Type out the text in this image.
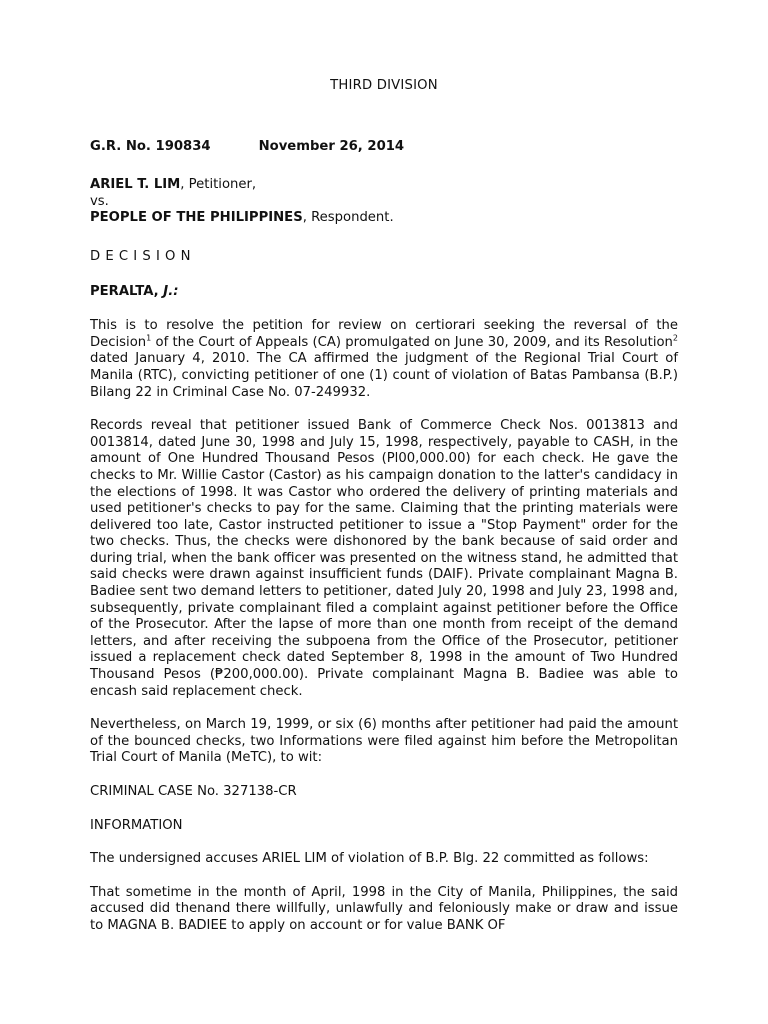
THIRD DIVISION
G.R. No. 190834	November 26, 2014
ARIEL T. LIM, Petitioner,
vs.
PEOPLE OF THE PHILIPPINES, Respondent.
DECISION
PERALTA, J.:

This is to resolve the petition for review on certiorari seeking the reversal of the Decision$^1$ of the Court of Appeals (CA) promulgated on June 30, 2009, and its Resolution$^2$ dated January 4, 2010. The CA affirmed the judgment of the Regional Trial Court of Manila (RTC), convicting petitioner of one (1) count of violation of Batas Pambansa (B.P.) Bilang 22 in Criminal Case No. 07-249932.

Records reveal that petitioner issued Bank of Commerce Check Nos. 0013813 and 0013814, dated June 30, 1998 and July 15, 1998, respectively, payable to CASH, in the amount of One Hundred Thousand Pesos (Pl00,000.00) for each check. He gave the checks to Mr. Willie Castor (Castor) as his campaign donation to the latter's candidacy in the elections of 1998. It was Castor who ordered the delivery of printing materials and used petitioner's checks to pay for the same. Claiming that the printing materials were delivered too late, Castor instructed petitioner to issue a "Stop Payment" order for the two checks. Thus, the checks were dishonored by the bank because of said order and during trial, when the bank officer was presented on the witness stand, he admitted that said checks were drawn against insufficient funds (DAIF). Private complainant Magna B. Badiee sent two demand letters to petitioner, dated July 20, 1998 and July 23, 1998 and, subsequently, private complainant filed a complaint against petitioner before the Office of the Prosecutor. After the lapse of more than one month from receipt of the demand letters, and after receiving the subpoena from the Office of the Prosecutor, petitioner issued a replacement check dated September 8, 1998 in the amount of Two Hundred Thousand Pesos (₱200,000.00). Private complainant Magna B. Badiee was able to encash said replacement check.

Nevertheless, on March 19, 1999, or six (6) months after petitioner had paid the amount of the bounced checks, two Informations were filed against him before the Metropolitan Trial Court of Manila (MeTC), to wit:

CRIMINAL CASE No. 327138-CR

INFORMATION

The undersigned accuses ARIEL LIM of violation of B.P. Blg. 22 committed as follows:

That sometime in the month of April, 1998 in the City of Manila, Philippines, the said accused did thenand there willfully, unlawfully and feloniously make or draw and issue to MAGNA B. BADIEE to apply on account or for value BANK OF
